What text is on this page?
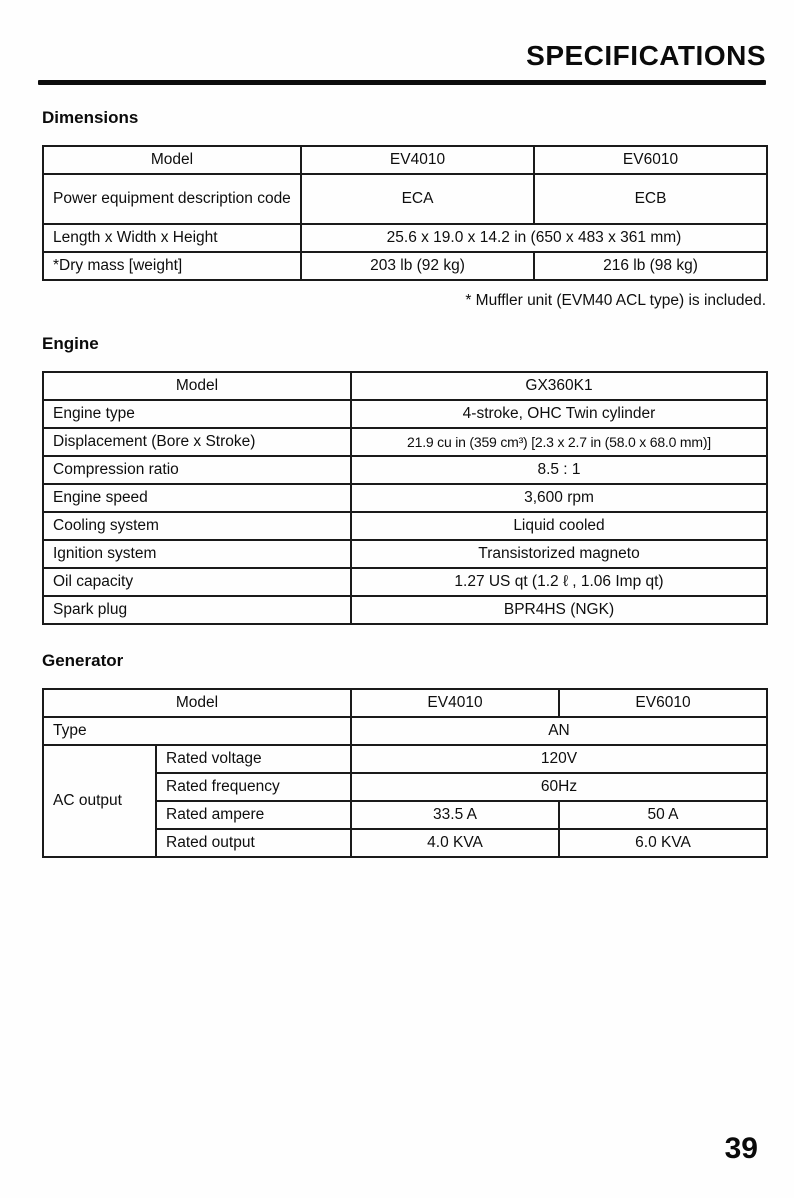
SPECIFICATIONS
Dimensions
Model	EV4010	EV6010
Power equipment description code	ECA	ECB
Length x Width x Height	25.6 x 19.0 x 14.2 in (650 x 483 x 361 mm)	
*Dry mass [weight]	203 lb (92 kg)	216 lb (98 kg)
* Muffler unit (EVM40 ACL type) is included.
Engine
Model	GX360K1
Engine type	4-stroke, OHC Twin cylinder
Displacement (Bore x Stroke)	21.9 cu in (359 cm³) [2.3 x 2.7 in (58.0 x 68.0 mm)]
Compression ratio	8.5 : 1
Engine speed	3,600 rpm
Cooling system	Liquid cooled
Ignition system	Transistorized magneto
Oil capacity	1.27 US qt (1.2 ℓ , 1.06 Imp qt)
Spark plug	BPR4HS (NGK)
Generator
Model		EV4010	EV6010
Type		AN	
AC output	Rated voltage	120V	
	Rated frequency	60Hz	
	Rated ampere	33.5 A	50 A
	Rated output	4.0 KVA	6.0 KVA
39
